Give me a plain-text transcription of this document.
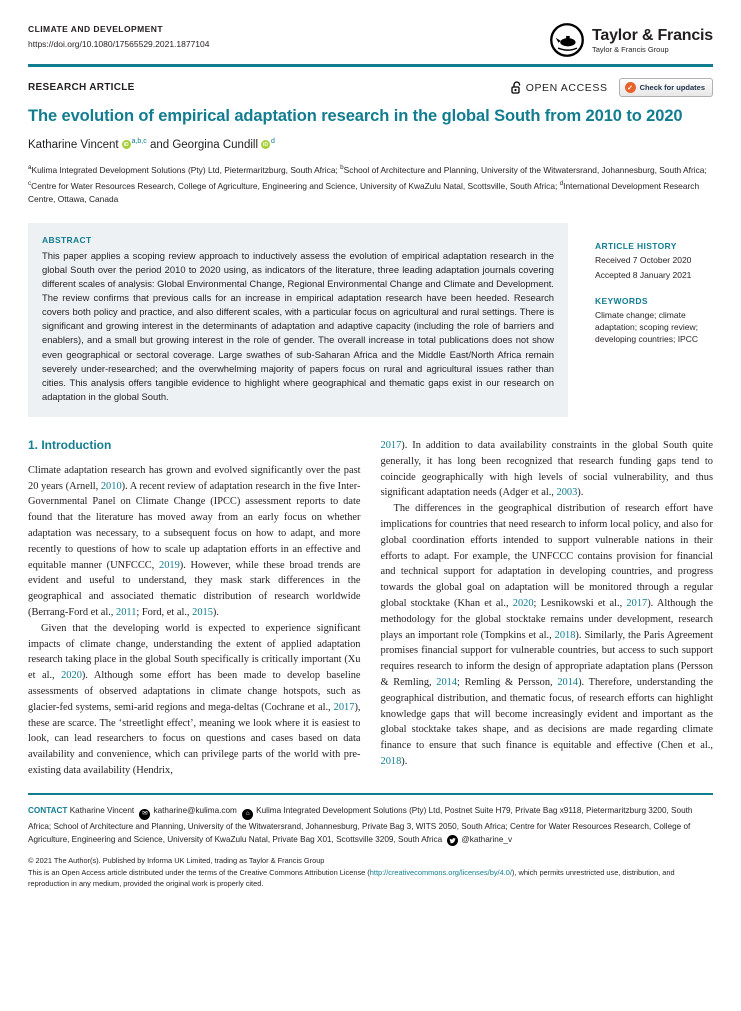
CLIMATE AND DEVELOPMENT
https://doi.org/10.1080/17565529.2021.1877104
Taylor & Francis
Taylor & Francis Group
RESEARCH ARTICLE	OPEN ACCESS	✓ Check for updates
The evolution of empirical adaptation research in the global South from 2010 to 2020
Katharine Vincent iD $^{a,b,c}$ and Georgina Cundill iD $^d$
$^a$Kulima Integrated Development Solutions (Pty) Ltd, Pietermaritzburg, South Africa; $^b$School of Architecture and Planning, University of the Witwatersrand, Johannesburg, South Africa; $^c$Centre for Water Resources Research, College of Agriculture, Engineering and Science, University of KwaZulu Natal, Scottsville, South Africa; $^d$International Development Research Centre, Ottawa, Canada
ABSTRACT
This paper applies a scoping review approach to inductively assess the evolution of empirical adaptation research in the global South over the period 2010 to 2020 using, as indicators of the literature, three leading adaptation journals covering different scales of analysis: Global Environmental Change, Regional Environmental Change and Climate and Development. The review confirms that previous calls for an increase in empirical adaptation research have been heeded. Research covers both policy and practice, and also different scales, with a particular focus on agricultural and rural settings. There is significant and growing interest in the determinants of adaptation and adaptive capacity (including the role of barriers and enablers), and a small but growing interest in the role of gender. The overall increase in total publications does not show even geographical or sectoral coverage. Large swathes of sub-Saharan Africa and the Middle East/North Africa remain severely under-researched; and the overwhelming majority of papers focus on rural and agricultural issues rather than cities. This analysis offers tangible evidence to highlight where geographical and thematic gaps exist in our research on adaptation in the global South.
ARTICLE HISTORY
Received 7 October 2020
Accepted 8 January 2021
KEYWORDS
Climate change; climate adaptation; scoping review; developing countries; IPCC
1. Introduction

Climate adaptation research has grown and evolved significantly over the past 20 years (Arnell, 2010). A recent review of adaptation research in the five Inter-Governmental Panel on Climate Change (IPCC) assessment reports to date found that the literature has moved away from an early focus on whether adaptation was necessary, to a subsequent focus on how to adapt, and more recently to questions of how to scale up adaptation efforts in an effective and equitable manner (UNFCCC, 2019). However, while these broad trends are evident and useful to understand, they mask stark differences in the geographical and associated thematic distribution of research worldwide (Berrang-Ford et al., 2011; Ford, et al., 2015).

Given that the developing world is expected to experience significant impacts of climate change, understanding the extent of applied adaptation research taking place in the global South specifically is critically important (Xu et al., 2020). Although some effort has been made to develop baseline assessments of observed adaptations in climate change hotspots, such as glacier-fed systems, semi-arid regions and mega-deltas (Cochrane et al., 2017), these are scarce. The ‘streetlight effect’, meaning we look where it is easiest to look, can lead researchers to focus on questions and cases based on data availability and convenience, which can privilege parts of the world with pre-existing data availability (Hendrix,

2017). In addition to data availability constraints in the global South quite generally, it has long been recognized that research funding gaps tend to coincide geographically with high levels of social vulnerability, and thus significant adaptation needs (Adger et al., 2003).

The differences in the geographical distribution of research effort have implications for countries that need research to inform local policy, and also for global coordination efforts intended to support vulnerable nations in their efforts to adapt. For example, the UNFCCC contains provision for financial and technical support for adaptation in developing countries, and progress towards the global goal on adaptation will be monitored through a regular global stocktake (Khan et al., 2020; Lesnikowski et al., 2017). Although the methodology for the global stocktake remains under development, research plays an important role (Tompkins et al., 2018). Similarly, the Paris Agreement promises financial support for vulnerable countries, but access to such support requires research to inform the design of appropriate adaptation plans (Persson & Remling, 2014; Remling & Persson, 2014). Therefore, understanding the geographical distribution, and thematic focus, of research efforts can highlight knowledge gaps that will become increasingly evident and important as the global stocktake takes shape, and as decisions are made regarding climate finance to ensure that such finance is equitable and effective (Chen et al., 2018).

CONTACT Katharine Vincent ✉ katharine@kulima.com ⌂ Kulima Integrated Development Solutions (Pty) Ltd, Postnet Suite H79, Private Bag x9118, Pietermaritzburg 3200, South Africa; School of Architecture and Planning, University of the Witwatersrand, Johannesburg, Private Bag 3, WITS 2050, South Africa; Centre for Water Resources Research, College of Agriculture, Engineering and Science, University of KwaZulu Natal, Private Bag X01, Scottsville 3209, South Africa @katharine_v
© 2021 The Author(s). Published by Informa UK Limited, trading as Taylor & Francis Group
This is an Open Access article distributed under the terms of the Creative Commons Attribution License (http://creativecommons.org/licenses/by/4.0/), which permits unrestricted use, distribution, and reproduction in any medium, provided the original work is properly cited.
